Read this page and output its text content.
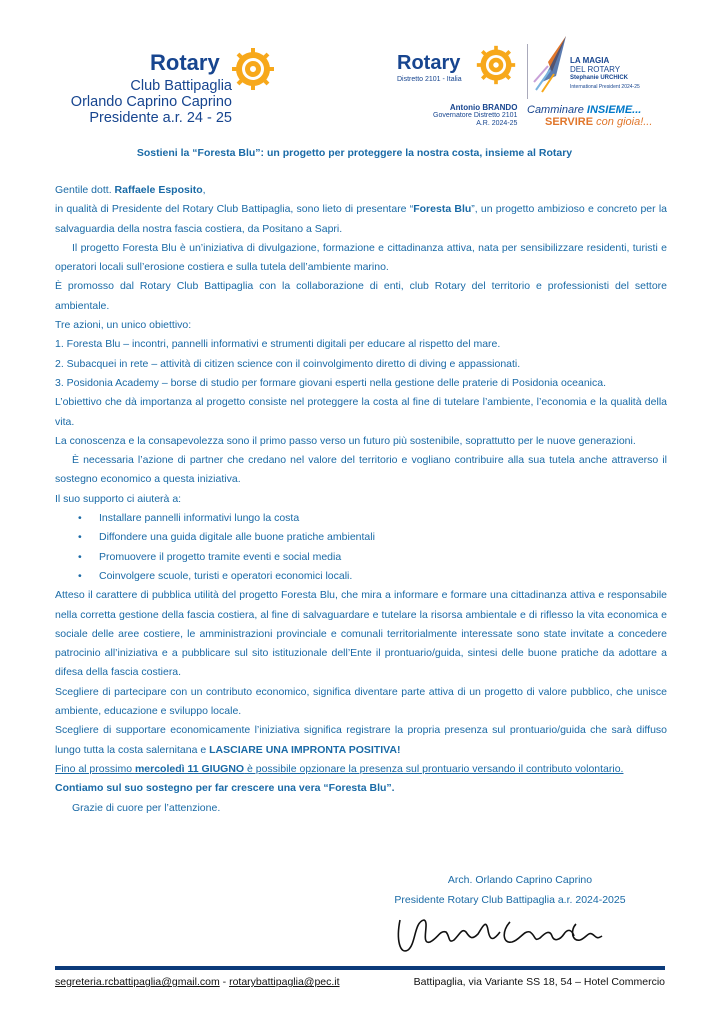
Rotary
Club Battipaglia
Orlando Caprino Caprino
Presidente a.r. 24 - 25
Rotary
Distretto 2101 - Italia
LA MAGIA
DEL ROTARY
Stephanie URCHICK
International President 2024-25
Antonio BRANDO
Governatore Distretto 2101
A.R. 2024-25
Camminare INSIEME...
SERVIRE con gioia!...
Sostieni la “Foresta Blu”: un progetto per proteggere la nostra costa, insieme al Rotary

Gentile dott. Raffaele Esposito,

in qualità di Presidente del Rotary Club Battipaglia, sono lieto di presentare “Foresta Blu”, un progetto ambizioso e concreto per la salvaguardia della nostra fascia costiera, da Positano a Sapri.

Il progetto Foresta Blu è un’iniziativa di divulgazione, formazione e cittadinanza attiva, nata per sensibilizzare residenti, turisti e operatori locali sull’erosione costiera e sulla tutela dell’ambiente marino.

È promosso dal Rotary Club Battipaglia con la collaborazione di enti, club Rotary del territorio e professionisti del settore ambientale.

Tre azioni, un unico obiettivo:

1. Foresta Blu – incontri, pannelli informativi e strumenti digitali per educare al rispetto del mare.

2. Subacquei in rete – attività di citizen science con il coinvolgimento diretto di diving e appassionati.

3. Posidonia Academy – borse di studio per formare giovani esperti nella gestione delle praterie di Posidonia oceanica.

L’obiettivo che dà importanza al progetto consiste nel proteggere la costa al fine di tutelare l’ambiente, l’economia e la qualità della vita.

La conoscenza e la consapevolezza sono il primo passo verso un futuro più sostenibile, soprattutto per le nuove generazioni.

È necessaria l’azione di partner che credano nel valore del territorio e vogliano contribuire alla sua tutela anche attraverso il sostegno economico a questa iniziativa.

Il suo supporto ci aiuterà a:

• Installare pannelli informativi lungo la costa
• Diffondere una guida digitale alle buone pratiche ambientali
• Promuovere il progetto tramite eventi e social media
• Coinvolgere scuole, turisti e operatori economici locali.

Atteso il carattere di pubblica utilità del progetto Foresta Blu, che mira a informare e formare una cittadinanza attiva e responsabile nella corretta gestione della fascia costiera, al fine di salvaguardare e tutelare la risorsa ambientale e di riflesso la vita economica e sociale delle aree costiere, le amministrazioni provinciale e comunali territorialmente interessate sono state invitate a concedere patrocinio all’iniziativa e a pubblicare sul sito istituzionale dell’Ente il prontuario/guida, sintesi delle buone pratiche da adottare a difesa della fascia costiera.

Scegliere di partecipare con un contributo economico, significa diventare parte attiva di un progetto di valore pubblico, che unisce ambiente, educazione e sviluppo locale.

Scegliere di supportare economicamente l’iniziativa significa registrare la propria presenza sul prontuario/guida che sarà diffuso lungo tutta la costa salernitana e LASCIARE UNA IMPRONTA POSITIVA!

Fino al prossimo mercoledì 11 GIUGNO è possibile opzionare la presenza sul prontuario versando il contributo volontario.

Contiamo sul suo sostegno per far crescere una vera “Foresta Blu”.

Grazie di cuore per l’attenzione.

Arch. Orlando Caprino Caprino
Presidente Rotary Club Battipaglia a.r. 2024-2025
segreteria.rcbattipaglia@gmail.com - rotarybattipaglia@pec.it	Battipaglia, via Variante SS 18, 54 – Hotel Commercio
